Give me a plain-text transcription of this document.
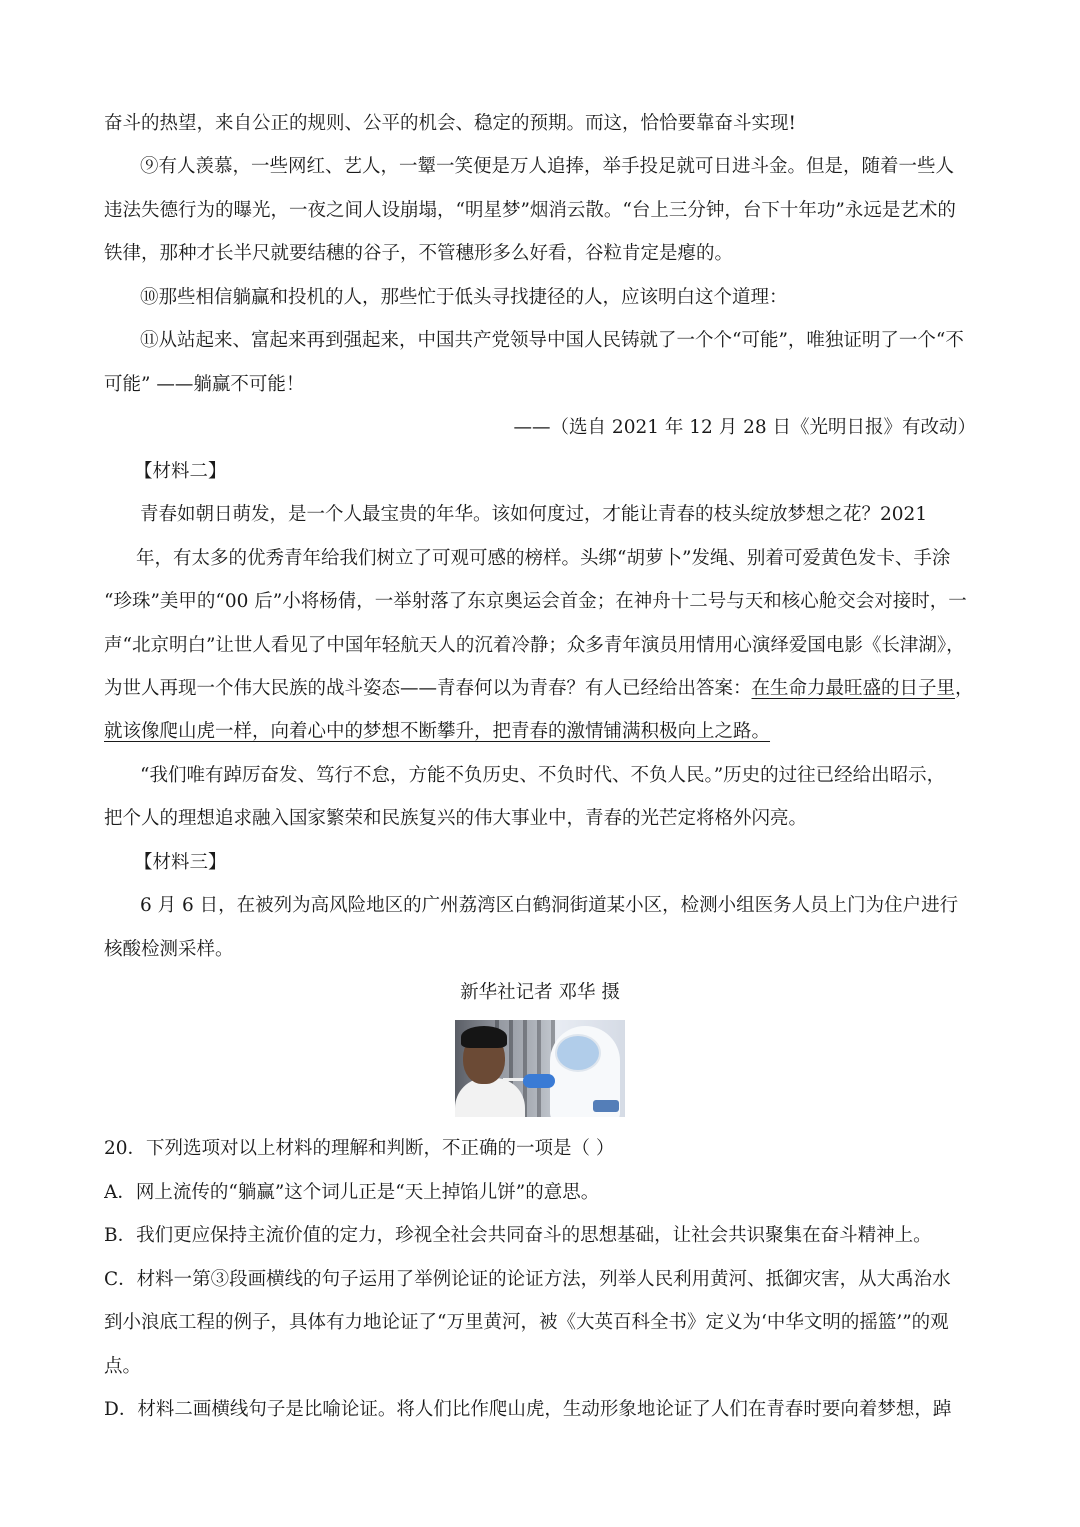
奋斗的热望，来自公正的规则、公平的机会、稳定的预期。而这，恰恰要靠奋斗实现!
⑨有人羡慕，一些网红、艺人，一颦一笑便是万人追捧，举手投足就可日进斗金。但是，随着一些人
违法失德行为的曝光，一夜之间人设崩塌，“明星梦”烟消云散。“台上三分钟，台下十年功”永远是艺术的
铁律，那种才长半尺就要结穗的谷子，不管穗形多么好看，谷粒肯定是瘪的。
⑩那些相信躺赢和投机的人，那些忙于低头寻找捷径的人，应该明白这个道理：
⑪从站起来、富起来再到强起来，中国共产党领导中国人民铸就了一个个“可能”，唯独证明了一个“不
可能” ——躺赢不可能！
——（选自 2021 年 12 月 28 日《光明日报》有改动）
【材料二】
青春如朝日萌发，是一个人最宝贵的年华。该如何度过，才能让青春的枝头绽放梦想之花？2021
年，有太多的优秀青年给我们树立了可观可感的榜样。头绑“胡萝卜”发绳、别着可爱黄色发卡、手涂
“珍珠”美甲的“00 后”小将杨倩，一举射落了东京奥运会首金；在神舟十二号与天和核心舱交会对接时，一
声“北京明白”让世人看见了中国年轻航天人的沉着冷静；众多青年演员用情用心演绎爱国电影《长津湖》，
为世人再现一个伟大民族的战斗姿态——青春何以为青春？有人已经给出答案：在生命力最旺盛的日子里，
就该像爬山虎一样，向着心中的梦想不断攀升，把青春的激情铺满积极向上之路。
“我们唯有踔厉奋发、笃行不怠，方能不负历史、不负时代、不负人民。”历史的过往已经给出昭示，
把个人的理想追求融入国家繁荣和民族复兴的伟大事业中，青春的光芒定将格外闪亮。
【材料三】
6 月 6 日，在被列为高风险地区的广州荔湾区白鹤洞街道某小区，检测小组医务人员上门为住户进行
核酸检测采样。
新华社记者 邓华 摄
20．下列选项对以上材料的理解和判断，不正确的一项是（ ）
A．网上流传的“躺赢”这个词儿正是“天上掉馅儿饼”的意思。
B．我们更应保持主流价值的定力，珍视全社会共同奋斗的思想基础，让社会共识聚集在奋斗精神上。
C．材料一第③段画横线的句子运用了举例论证的论证方法，列举人民利用黄河、抵御灾害，从大禹治水
到小浪底工程的例子，具体有力地论证了“万里黄河，被《大英百科全书》定义为‘中华文明的摇篮’”的观
点。
D．材料二画横线句子是比喻论证。将人们比作爬山虎，生动形象地论证了人们在青春时要向着梦想，踔
